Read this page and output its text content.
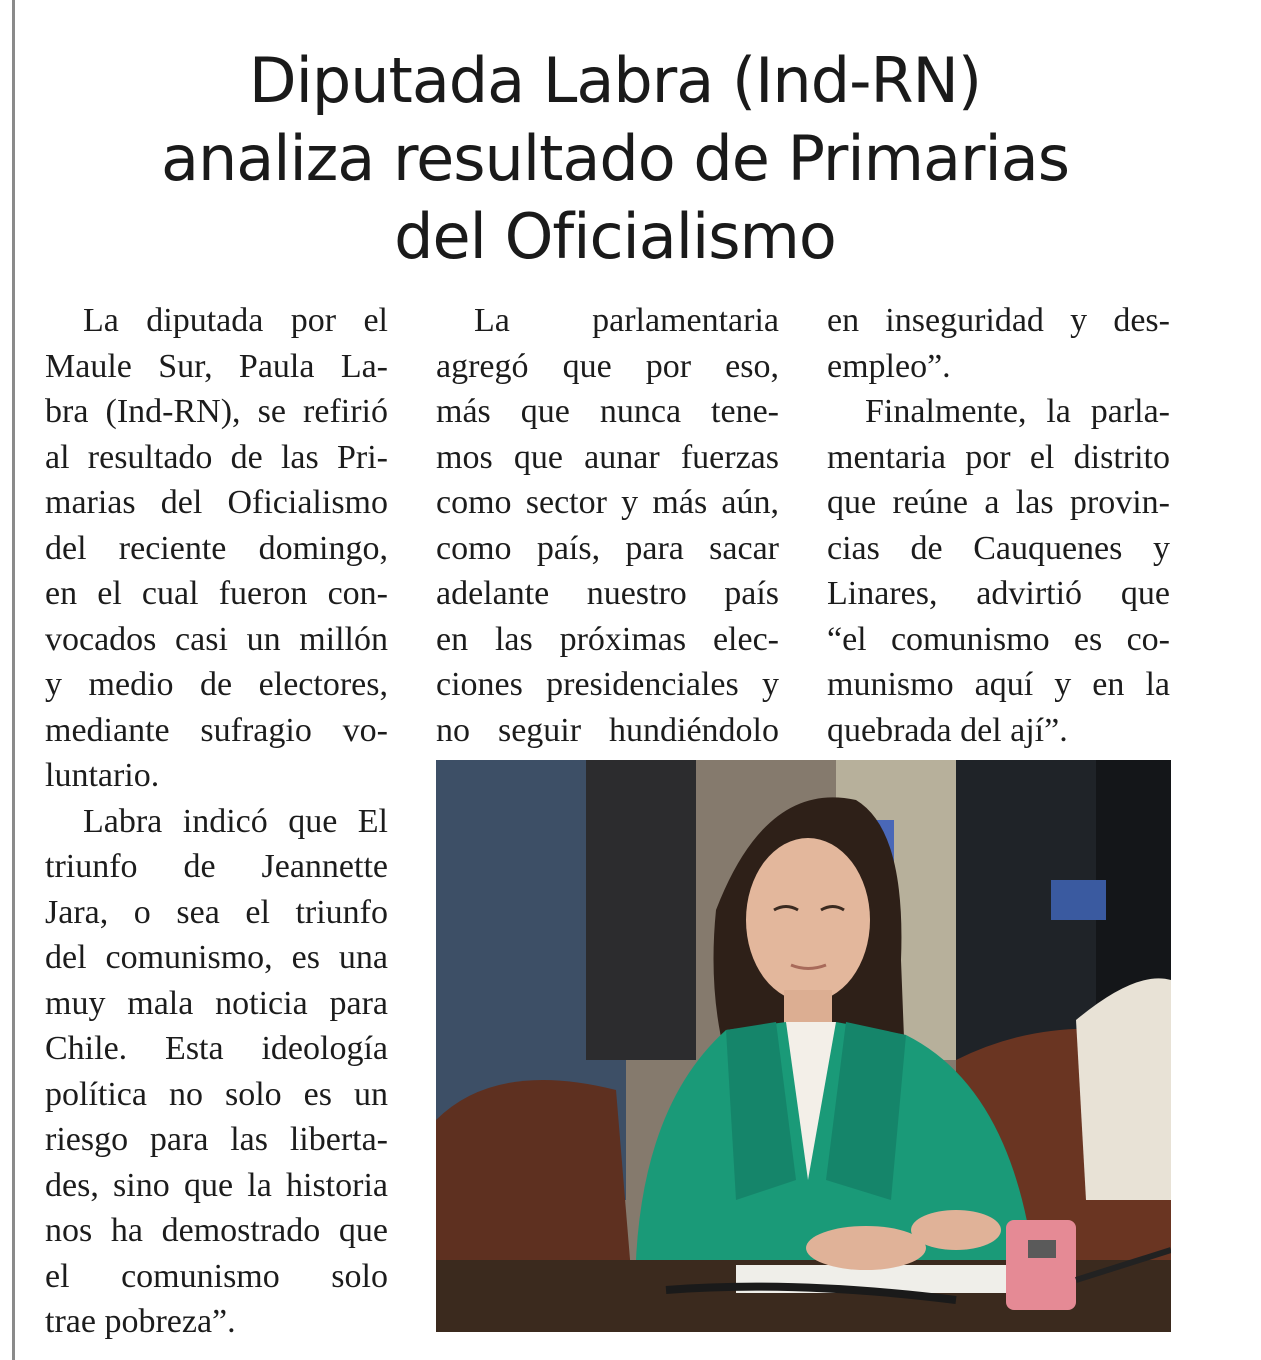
Diputada Labra (Ind-RN)
analiza resultado de Primarias
del Oficialismo
La diputada por el
Maule Sur, Paula La-
bra (Ind-RN), se refirió
al resultado de las Pri-
marias del Oficialismo
del reciente domingo,
en el cual fueron con-
vocados casi un millón
y medio de electores,
mediante sufragio vo-
luntario.
Labra indicó que El
triunfo de Jeannette
Jara, o sea el triunfo
del comunismo, es una
muy mala noticia para
Chile. Esta ideología
política no solo es un
riesgo para las liberta-
des, sino que la historia
nos ha demostrado que
el comunismo solo
trae pobreza”.
La parlamentaria
agregó que por eso,
más que nunca tene-
mos que aunar fuerzas
como sector y más aún,
como país, para sacar
adelante nuestro país
en las próximas elec-
ciones presidenciales y
no seguir hundiéndolo
en inseguridad y des-
empleo”.
Finalmente, la parla-
mentaria por el distrito
que reúne a las provin-
cias de Cauquenes y
Linares, advirtió que
“el comunismo es co-
munismo aquí y en la
quebrada del ají”.
